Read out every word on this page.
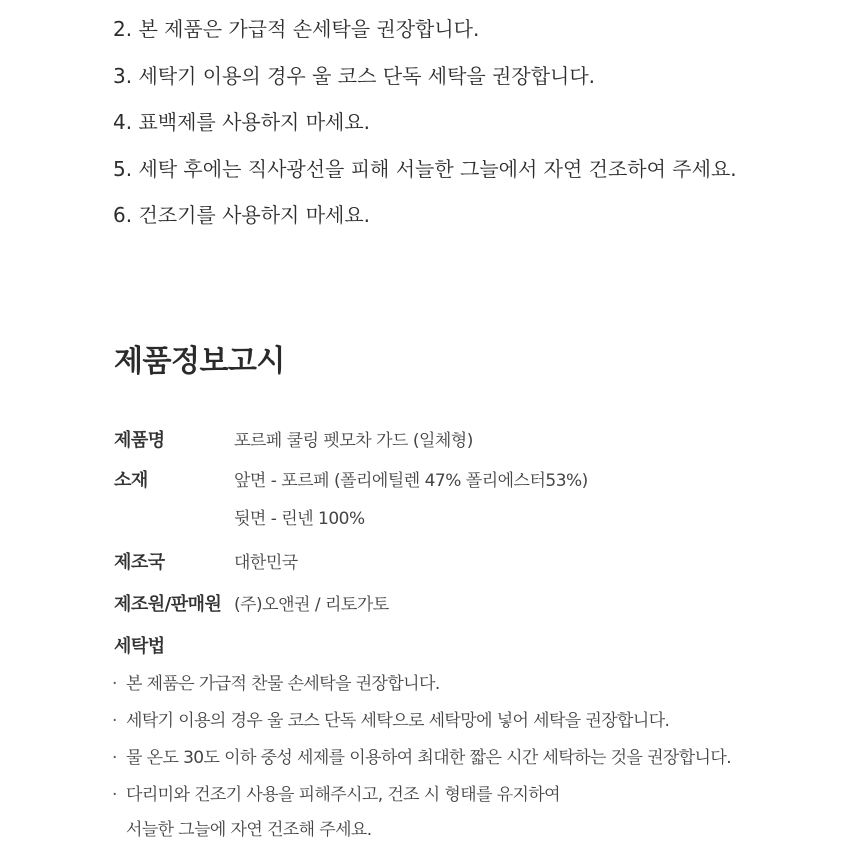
2. 본 제품은 가급적 손세탁을 권장합니다.
3. 세탁기 이용의 경우 울 코스 단독 세탁을 권장합니다.
4. 표백제를 사용하지 마세요.
5. 세탁 후에는 직사광선을 피해 서늘한 그늘에서 자연 건조하여 주세요.
6. 건조기를 사용하지 마세요.
제품정보고시
제품명	포르페 쿨링 펫모차 가드 (일체형)
소재	앞면 - 포르페 (폴리에틸렌 47% 폴리에스터53%)
뒷면 - 린넨 100%
제조국	대한민국
제조원/판매원 (주)오앤권 / 리토가토
세탁법
· 본 제품은 가급적 찬물 손세탁을 권장합니다.
· 세탁기 이용의 경우 울 코스 단독 세탁으로 세탁망에 넣어 세탁을 권장합니다.
· 물 온도 30도 이하 중성 세제를 이용하여 최대한 짧은 시간 세탁하는 것을 권장합니다.
· 다리미와 건조기 사용을 피해주시고, 건조 시 형태를 유지하여
서늘한 그늘에 자연 건조해 주세요.
